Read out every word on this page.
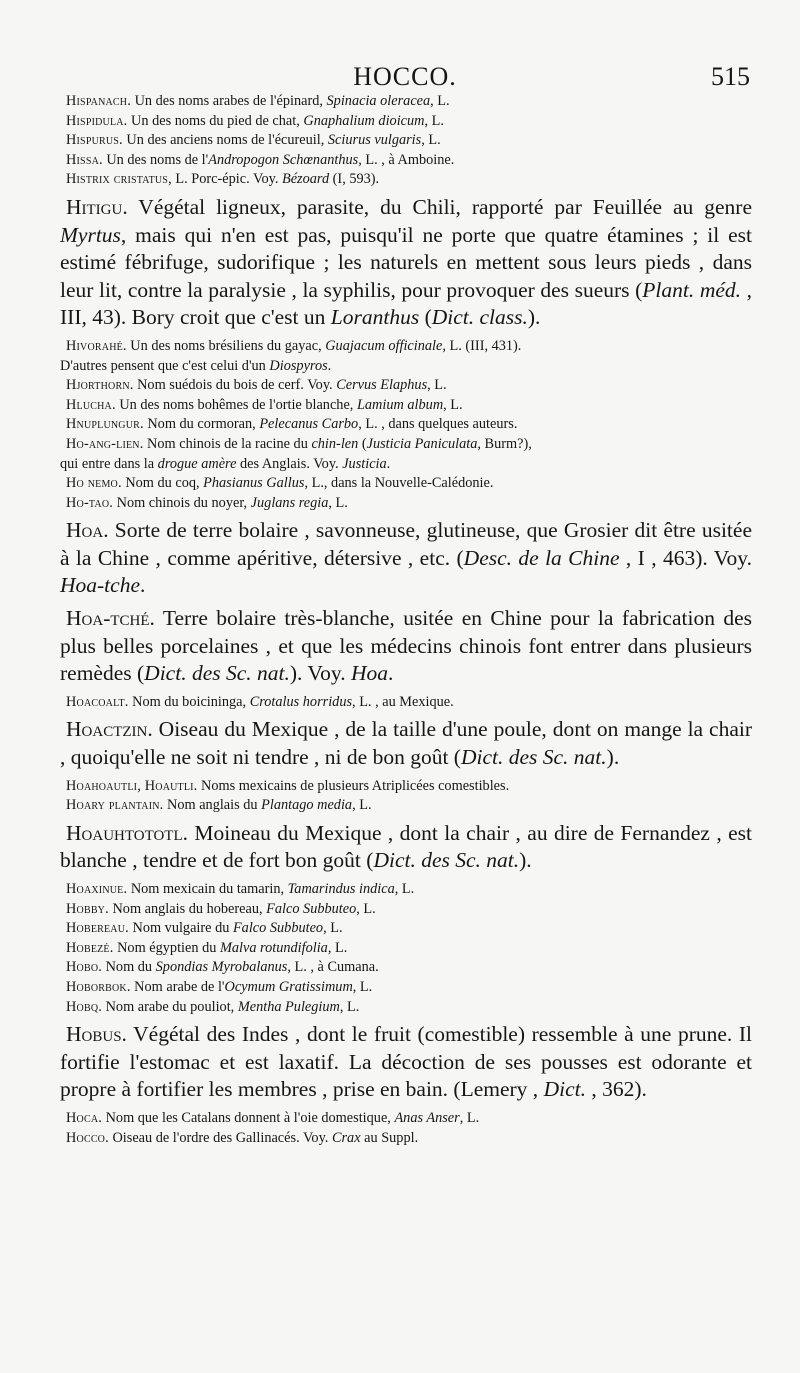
HOCCO.	515

Hispanach. Un des noms arabes de l'épinard, Spinacia oleracea, L.

Hispidula. Un des noms du pied de chat, Gnaphalium dioicum, L.

Hispurus. Un des anciens noms de l'écureuil, Sciurus vulgaris, L.

Hissa. Un des noms de l'Andropogon Schœnanthus, L. , à Amboine.

Histrix cristatus, L. Porc-épic. Voy. Bézoard (I, 593).

Hitigu. Végétal ligneux, parasite, du Chili, rapporté par Feuillée au genre Myrtus, mais qui n'en est pas, puisqu'il ne porte que quatre étamines ; il est estimé fébrifuge, sudorifique ; les naturels en mettent sous leurs pieds , dans leur lit, contre la paralysie , la syphilis, pour provoquer des sueurs (Plant. méd. , III, 43). Bory croit que c'est un Loranthus (Dict. class.).

Hivorahé. Un des noms brésiliens du gayac, Guajacum officinale, L. (III, 431).

D'autres pensent que c'est celui d'un Diospyros.

Hjorthorn. Nom suédois du bois de cerf. Voy. Cervus Elaphus, L.

Hlucha. Un des noms bohêmes de l'ortie blanche, Lamium album, L.

Hnuplungur. Nom du cormoran, Pelecanus Carbo, L. , dans quelques auteurs.

Ho-ang-lien. Nom chinois de la racine du chin-len (Justicia Paniculata, Burm?),

qui entre dans la drogue amère des Anglais. Voy. Justicia.

Ho nemo. Nom du coq, Phasianus Gallus, L., dans la Nouvelle-Calédonie.

Ho-tao. Nom chinois du noyer, Juglans regia, L.

Hoa. Sorte de terre bolaire , savonneuse, glutineuse, que Grosier dit être usitée à la Chine , comme apéritive, détersive , etc. (Desc. de la Chine , I , 463). Voy. Hoa-tche.

Hoa-tché. Terre bolaire très-blanche, usitée en Chine pour la fabrication des plus belles porcelaines , et que les médecins chinois font entrer dans plusieurs remèdes (Dict. des Sc. nat.). Voy. Hoa.

Hoacoalt. Nom du boicininga, Crotalus horridus, L. , au Mexique.

Hoactzin. Oiseau du Mexique , de la taille d'une poule, dont on mange la chair , quoiqu'elle ne soit ni tendre , ni de bon goût (Dict. des Sc. nat.).

Hoahoautli, Hoautli. Noms mexicains de plusieurs Atriplicées comestibles.

Hoary plantain. Nom anglais du Plantago media, L.

Hoauhtototl. Moineau du Mexique , dont la chair , au dire de Fernandez , est blanche , tendre et de fort bon goût (Dict. des Sc. nat.).

Hoaxinue. Nom mexicain du tamarin, Tamarindus indica, L.

Hobby. Nom anglais du hobereau, Falco Subbuteo, L.

Hobereau. Nom vulgaire du Falco Subbuteo, L.

Hobezé. Nom égyptien du Malva rotundifolia, L.

Hobo. Nom du Spondias Myrobalanus, L. , à Cumana.

Hoborbok. Nom arabe de l'Ocymum Gratissimum, L.

Hobq. Nom arabe du pouliot, Mentha Pulegium, L.

Hobus. Végétal des Indes , dont le fruit (comestible) ressemble à une prune. Il fortifie l'estomac et est laxatif. La décoction de ses pousses est odorante et propre à fortifier les membres , prise en bain. (Lemery , Dict. , 362).

Hoca. Nom que les Catalans donnent à l'oie domestique, Anas Anser, L.

Hocco. Oiseau de l'ordre des Gallinacés. Voy. Crax au Suppl.
